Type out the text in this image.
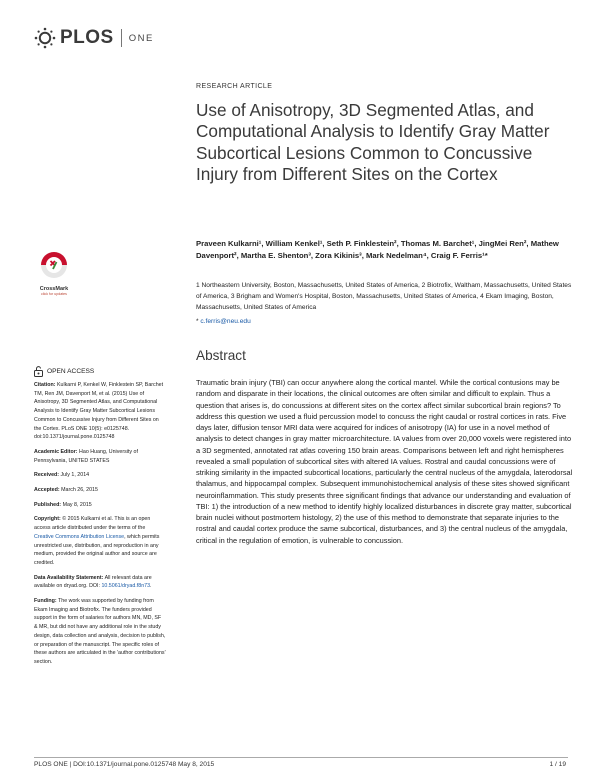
PLOS ONE
RESEARCH ARTICLE
Use of Anisotropy, 3D Segmented Atlas, and Computational Analysis to Identify Gray Matter Subcortical Lesions Common to Concussive Injury from Different Sites on the Cortex
Praveen Kulkarni¹, William Kenkel¹, Seth P. Finklestein², Thomas M. Barchet¹, JingMei Ren², Mathew Davenport², Martha E. Shenton³, Zora Kikinis³, Mark Nedelman⁴, Craig F. Ferris¹*
1 Northeastern University, Boston, Massachusetts, United States of America, 2 Biotrofix, Waltham, Massachusetts, United States of America, 3 Brigham and Women's Hospital, Boston, Massachusetts, United States of America, 4 Ekam Imaging, Boston, Massachusetts, United States of America
* c.ferris@neu.edu
CrossMark
click for updates
OPEN ACCESS
Citation: Kulkarni P, Kenkel W, Finklestein SP, Barchet TM, Ren JM, Davenport M, et al. (2015) Use of Anisotropy, 3D Segmented Atlas, and Computational Analysis to Identify Gray Matter Subcortical Lesions Common to Concussive Injury from Different Sites on the Cortex. PLoS ONE 10(5): e0125748. doi:10.1371/journal.pone.0125748
Academic Editor: Hao Huang, University of Pennsylvania, UNITED STATES
Received: July 1, 2014
Accepted: March 26, 2015
Published: May 8, 2015
Copyright: © 2015 Kulkarni et al. This is an open access article distributed under the terms of the Creative Commons Attribution License, which permits unrestricted use, distribution, and reproduction in any medium, provided the original author and source are credited.
Data Availability Statement: All relevant data are available on dryad.org. DOI: 10.5061/dryad.f8n73.
Funding: The work was supported by funding from Ekam Imaging and Biotrofix. The funders provided support in the form of salaries for authors MN, MD, SF & MR, but did not have any additional role in the study design, data collection and analysis, decision to publish, or preparation of the manuscript. The specific roles of these authors are articulated in the 'author contributions' section.
Abstract
Traumatic brain injury (TBI) can occur anywhere along the cortical mantel. While the cortical contusions may be random and disparate in their locations, the clinical outcomes are often similar and difficult to explain. Thus a question that arises is, do concussions at different sites on the cortex affect similar subcortical brain regions? To address this question we used a fluid percussion model to concuss the right caudal or rostral cortices in rats. Five days later, diffusion tensor MRI data were acquired for indices of anisotropy (IA) for use in a novel method of analysis to detect changes in gray matter microarchitecture. IA values from over 20,000 voxels were registered into a 3D segmented, annotated rat atlas covering 150 brain areas. Comparisons between left and right hemispheres revealed a small population of subcortical sites with altered IA values. Rostral and caudal concussions were of striking similarity in the impacted subcortical locations, particularly the central nucleus of the amygdala, laterodorsal thalamus, and hippocampal complex. Subsequent immunohistochemical analysis of these sites showed significant neuroinflammation. This study presents three significant findings that advance our understanding and evaluation of TBI: 1) the introduction of a new method to identify highly localized disturbances in discrete gray matter, subcortical brain nuclei without postmortem histology, 2) the use of this method to demonstrate that separate injuries to the rostral and caudal cortex produce the same subcortical, disturbances, and 3) the central nucleus of the amygdala, critical in the regulation of emotion, is vulnerable to concussion.
PLOS ONE | DOI:10.1371/journal.pone.0125748 May 8, 2015	1 / 19
